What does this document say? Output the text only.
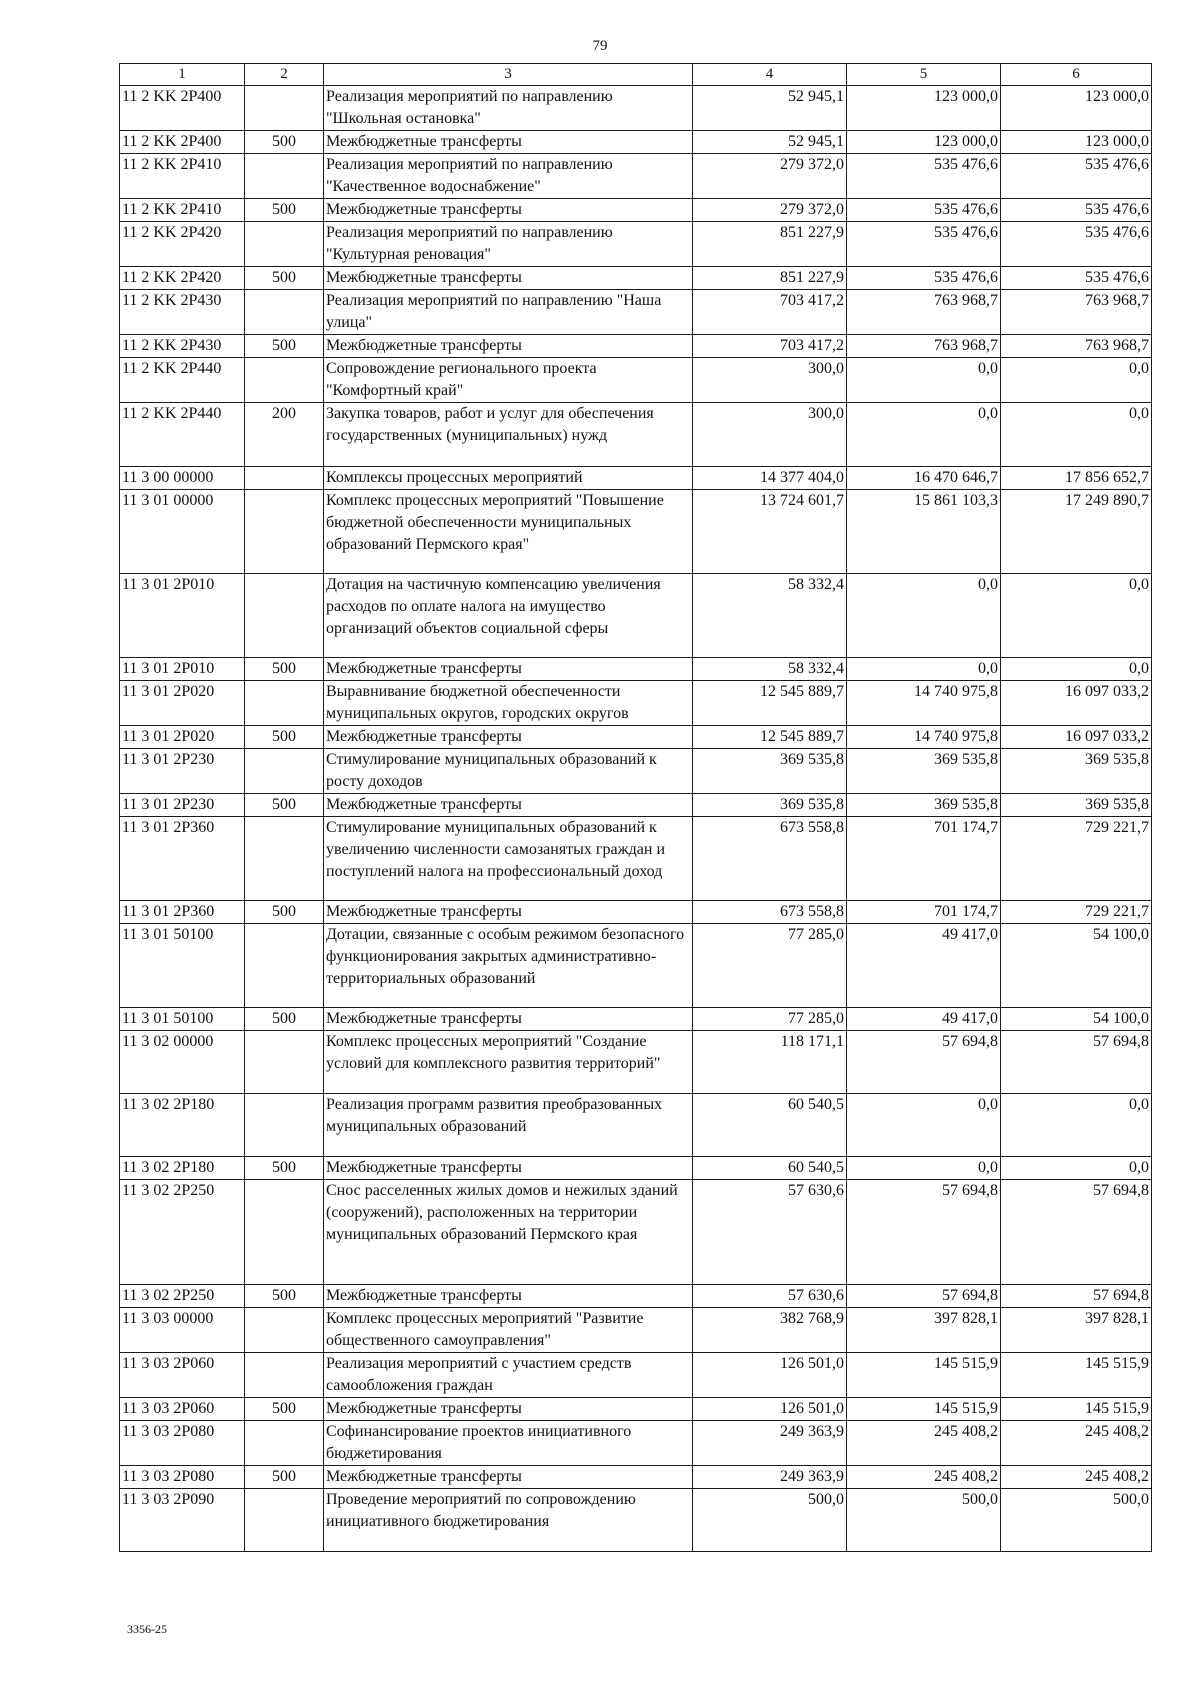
79
1	2	3	4	5	6
11 2 KK 2P400		Реализация мероприятий по направлению "Школьная остановка"	52 945,1	123 000,0	123 000,0
11 2 KK 2P400	500	Межбюджетные трансферты	52 945,1	123 000,0	123 000,0
11 2 KK 2P410		Реализация мероприятий по направлению "Качественное водоснабжение"	279 372,0	535 476,6	535 476,6
11 2 KK 2P410	500	Межбюджетные трансферты	279 372,0	535 476,6	535 476,6
11 2 KK 2P420		Реализация мероприятий по направлению "Культурная реновация"	851 227,9	535 476,6	535 476,6
11 2 KK 2P420	500	Межбюджетные трансферты	851 227,9	535 476,6	535 476,6
11 2 KK 2P430		Реализация мероприятий по направлению "Наша улица"	703 417,2	763 968,7	763 968,7
11 2 KK 2P430	500	Межбюджетные трансферты	703 417,2	763 968,7	763 968,7
11 2 KK 2P440		Сопровождение регионального проекта "Комфортный край"	300,0	0,0	0,0
11 2 KK 2P440	200	Закупка товаров, работ и услуг для обеспечения государственных (муниципальных) нужд	300,0	0,0	0,0
11 3 00 00000		Комплексы процессных мероприятий	14 377 404,0	16 470 646,7	17 856 652,7
11 3 01 00000		Комплекс процессных мероприятий "Повышение бюджетной обеспеченности муниципальных образований Пермского края"	13 724 601,7	15 861 103,3	17 249 890,7
11 3 01 2P010		Дотация на частичную компенсацию увеличения расходов по оплате налога на имущество организаций объектов социальной сферы	58 332,4	0,0	0,0
11 3 01 2P010	500	Межбюджетные трансферты	58 332,4	0,0	0,0
11 3 01 2P020		Выравнивание бюджетной обеспеченности муниципальных округов, городских округов	12 545 889,7	14 740 975,8	16 097 033,2
11 3 01 2P020	500	Межбюджетные трансферты	12 545 889,7	14 740 975,8	16 097 033,2
11 3 01 2P230		Стимулирование муниципальных образований к росту доходов	369 535,8	369 535,8	369 535,8
11 3 01 2P230	500	Межбюджетные трансферты	369 535,8	369 535,8	369 535,8
11 3 01 2P360		Стимулирование муниципальных образований к увеличению численности самозанятых граждан и поступлений налога на профессиональный доход	673 558,8	701 174,7	729 221,7
11 3 01 2P360	500	Межбюджетные трансферты	673 558,8	701 174,7	729 221,7
11 3 01 50100		Дотации, связанные с особым режимом безопасного функционирования закрытых административно-территориальных образований	77 285,0	49 417,0	54 100,0
11 3 01 50100	500	Межбюджетные трансферты	77 285,0	49 417,0	54 100,0
11 3 02 00000		Комплекс процессных мероприятий "Создание условий для комплексного развития территорий"	118 171,1	57 694,8	57 694,8
11 3 02 2P180		Реализация программ развития преобразованных муниципальных образований	60 540,5	0,0	0,0
11 3 02 2P180	500	Межбюджетные трансферты	60 540,5	0,0	0,0
11 3 02 2P250		Снос расселенных жилых домов и нежилых зданий (сооружений), расположенных на территории муниципальных образований Пермского края	57 630,6	57 694,8	57 694,8
11 3 02 2P250	500	Межбюджетные трансферты	57 630,6	57 694,8	57 694,8
11 3 03 00000		Комплекс процессных мероприятий "Развитие общественного самоуправления"	382 768,9	397 828,1	397 828,1
11 3 03 2P060		Реализация мероприятий с участием средств самообложения граждан	126 501,0	145 515,9	145 515,9
11 3 03 2P060	500	Межбюджетные трансферты	126 501,0	145 515,9	145 515,9
11 3 03 2P080		Софинансирование проектов инициативного бюджетирования	249 363,9	245 408,2	245 408,2
11 3 03 2P080	500	Межбюджетные трансферты	249 363,9	245 408,2	245 408,2
11 3 03 2P090		Проведение мероприятий по сопровождению инициативного бюджетирования	500,0	500,0	500,0
3356-25
